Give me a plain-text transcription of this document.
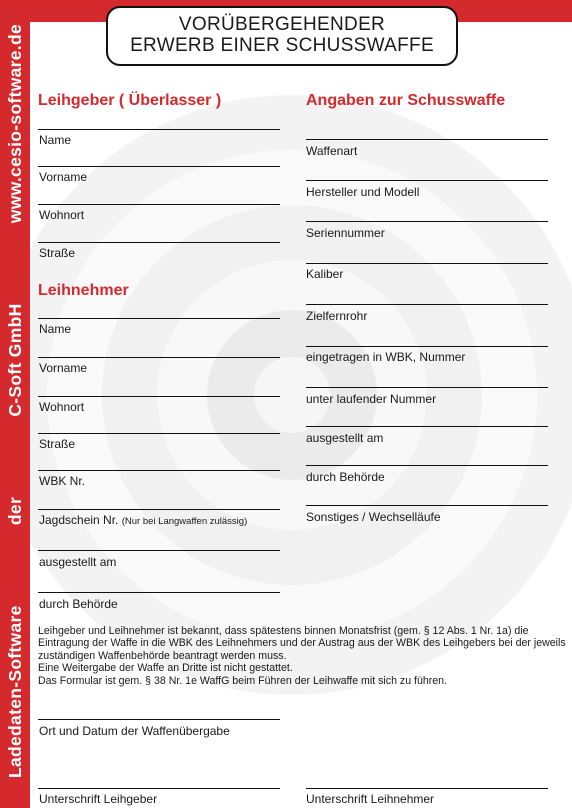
Ladedaten-Software
der
C-Soft GmbH
www.cesio-software.de	VORÜBERGEHENDER
ERWERB EINER SCHUSSWAFFE
Leihgeber ( Überlasser )
Name
Vorname
Wohnort
Straße
Leihnehmer
Name
Vorname
Wohnort
Straße
WBK Nr.
Jagdschein Nr. (Nur bei Langwaffen zulässig)
ausgestellt am
durch Behörde
Angaben zur Schusswaffe
Waffenart
Hersteller und Modell
Seriennummer
Kaliber
Zielfernrohr
eingetragen in WBK, Nummer
unter laufender Nummer
ausgestellt am
durch Behörde
Sonstiges / Wechselläufe

Leihgeber und Leihnehmer ist bekannt, dass spätestens binnen Monatsfrist (gem. § 12 Abs. 1 Nr. 1a) die Eintragung der Waffe in die WBK des Leihnehmers und der Austrag aus der WBK des Leihgebers bei der jeweils zuständigen Waffenbehörde beantragt werden muss.

Eine Weitergabe der Waffe an Dritte ist nicht gestattet.

Das Formular ist gem. § 38 Nr. 1e WaffG beim Führen der Leihwaffe mit sich zu führen.

Ort und Datum der Waffenübergabe
Unterschrift Leihgeber	Unterschrift Leihnehmer
